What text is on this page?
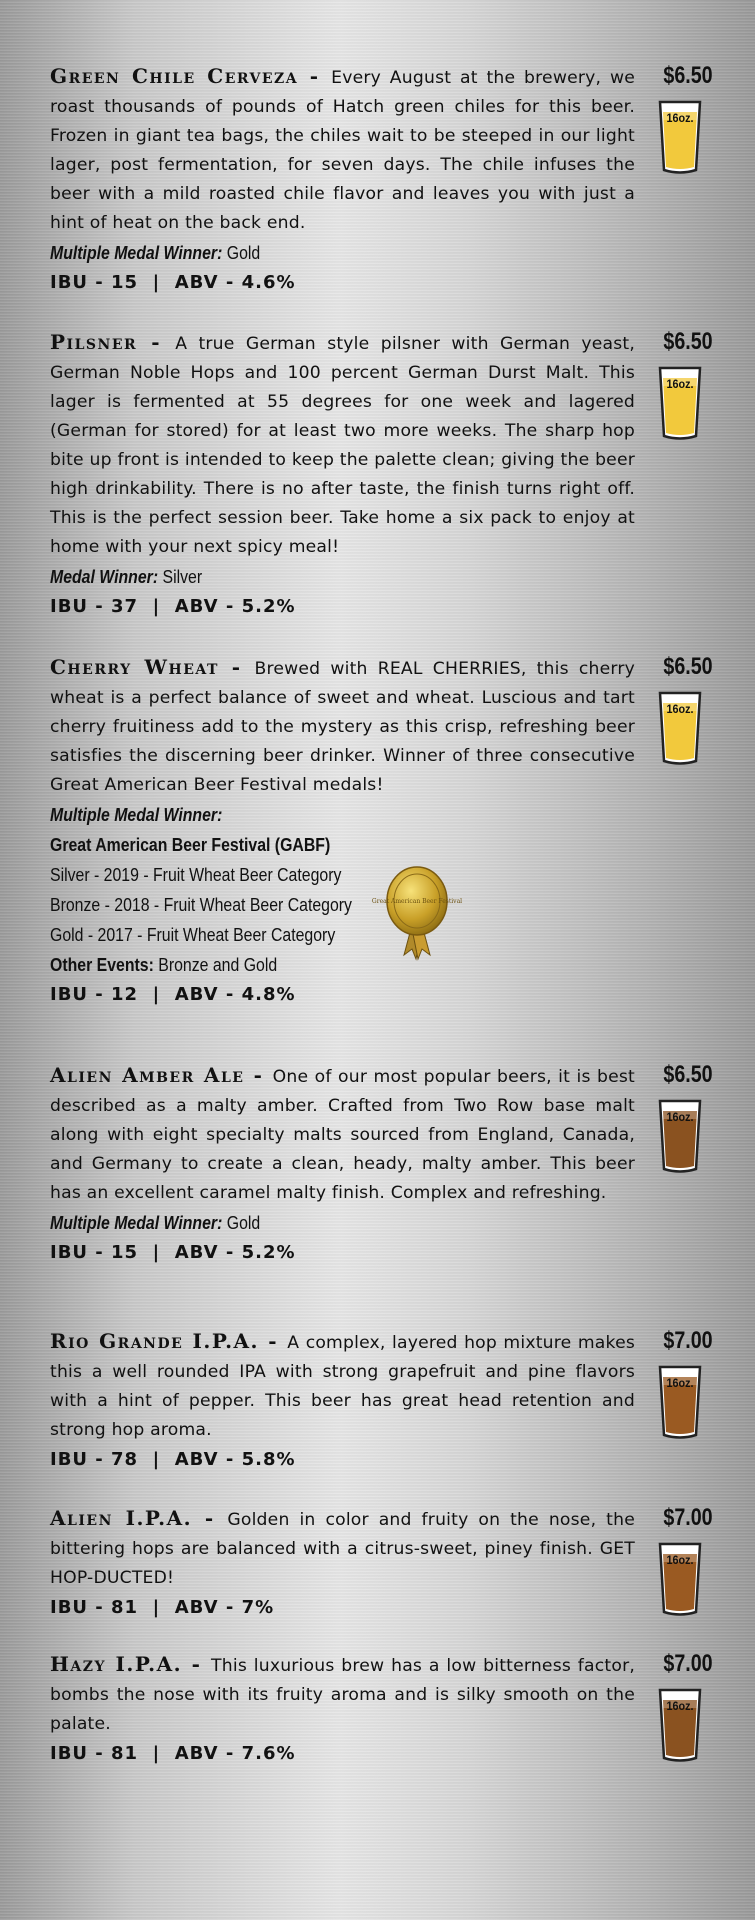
Green Chile Cerveza - Every August at the brewery, we roast thousands of pounds of Hatch green chiles for this beer. Frozen in giant tea bags, the chiles wait to be steeped in our light lager, post fermentation, for seven days. The chile infuses the beer with a mild roasted chile flavor and leaves you with just a hint of heat on the back end.

Multiple Medal Winner: Gold
IBU - 15  |  ABV - 4.6%
$6.50
16oz.

Pilsner - A true German style pilsner with German yeast, German Noble Hops and 100 percent German Durst Malt. This lager is fermented at 55 degrees for one week and lagered (German for stored) for at least two more weeks. The sharp hop bite up front is intended to keep the palette clean; giving the beer high drinkability. There is no after taste, the finish turns right off. This is the perfect session beer. Take home a six pack to enjoy at home with your next spicy meal!

Medal Winner: Silver
IBU - 37  |  ABV - 5.2%
$6.50
16oz.

Cherry Wheat - Brewed with REAL CHERRIES, this cherry wheat is a perfect balance of sweet and wheat. Luscious and tart cherry fruitiness add to the mystery as this crisp, refreshing beer satisfies the discerning beer drinker. Winner of three consecutive Great American Beer Festival medals!

Multiple Medal Winner:
Great American Beer Festival (GABF)
Silver - 2019 - Fruit Wheat Beer Category
Bronze - 2018 - Fruit Wheat Beer Category
Gold - 2017 - Fruit Wheat Beer Category
Other Events: Bronze and Gold
IBU - 12  |  ABV - 4.8%
$6.50
16oz.
Great American Beer Festival

Alien Amber Ale - One of our most popular beers, it is best described as a malty amber. Crafted from Two Row base malt along with eight specialty malts sourced from England, Canada, and Germany to create a clean, heady, malty amber. This beer has an excellent caramel malty finish. Complex and refreshing.

Multiple Medal Winner: Gold
IBU - 15  |  ABV - 5.2%
$6.50
16oz.

Rio Grande I.P.A. - A complex, layered hop mixture makes this a well rounded IPA with strong grapefruit and pine flavors with a hint of pepper. This beer has great head retention and strong hop aroma.

IBU - 78  |  ABV - 5.8%
$7.00
16oz.

Alien I.P.A. - Golden in color and fruity on the nose, the bittering hops are balanced with a citrus-sweet, piney finish. GET HOP-DUCTED!

IBU - 81  |  ABV - 7%
$7.00
16oz.

Hazy I.P.A. - This luxurious brew has a low bitterness factor, bombs the nose with its fruity aroma and is silky smooth on the palate.

IBU - 81  |  ABV - 7.6%
$7.00
16oz.
